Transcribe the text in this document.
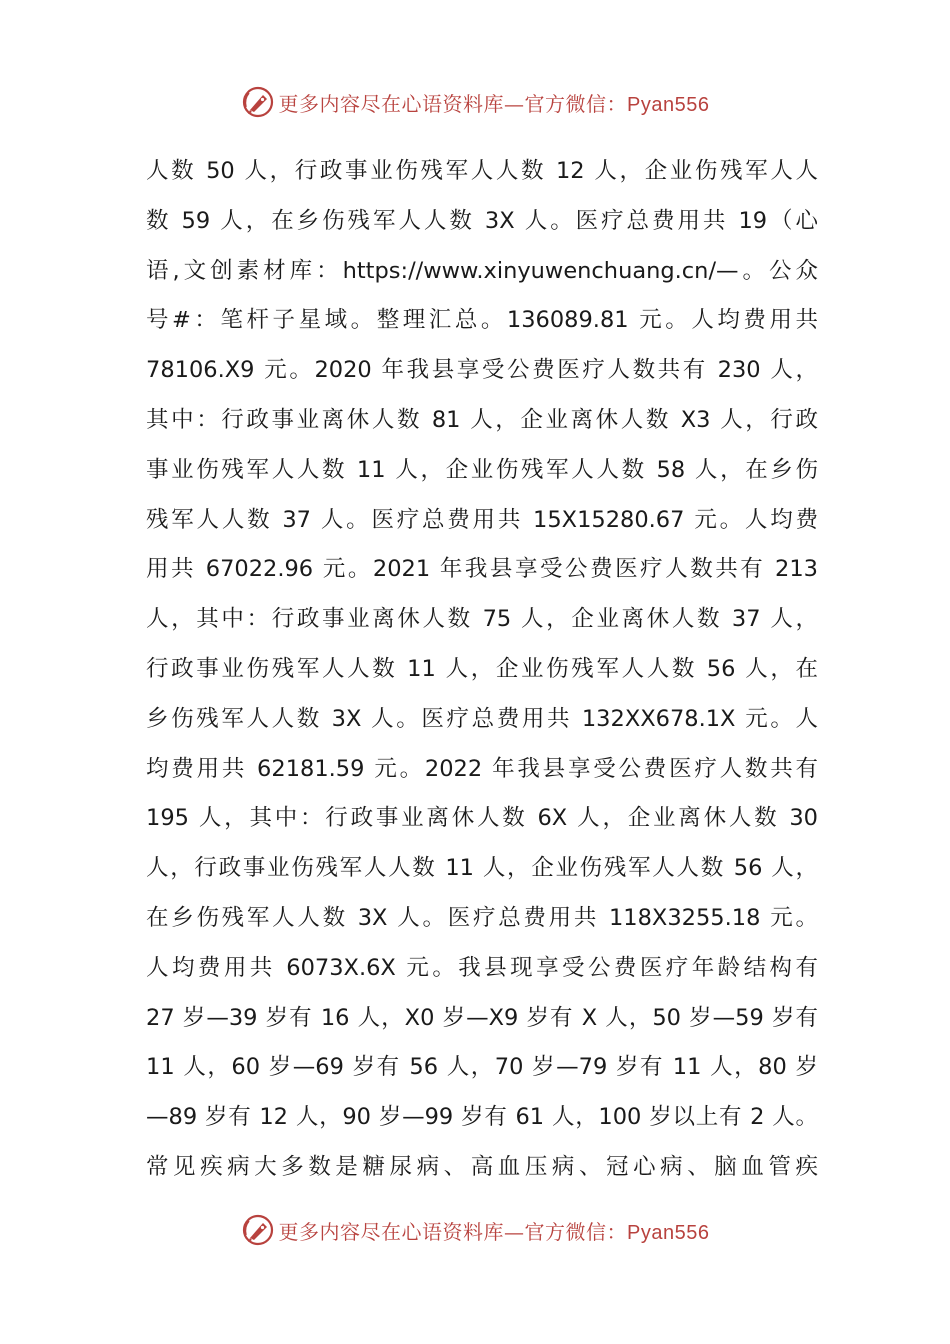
更多内容尽在心语资料库—官方微信：Pyan556
人数 50 人，行政事业伤残军人人数 12 人，企业伤残军人人
数 59 人，在乡伤残军人人数 3X 人。医疗总费用共 19（心
语,文创素材库：https://www.xinyuwenchuang.cn/—。公众
号#：笔杆子星域。整理汇总。136089.81 元。人均费用共
78106.X9 元。2020 年我县享受公费医疗人数共有 230 人，
其中：行政事业离休人数 81 人，企业离休人数 X3 人，行政
事业伤残军人人数 11 人，企业伤残军人人数 58 人，在乡伤
残军人人数 37 人。医疗总费用共 15X15280.67 元。人均费
用共 67022.96 元。2021 年我县享受公费医疗人数共有 213
人，其中：行政事业离休人数 75 人，企业离休人数 37 人，
行政事业伤残军人人数 11 人，企业伤残军人人数 56 人，在
乡伤残军人人数 3X 人。医疗总费用共 132XX678.1X 元。人
均费用共 62181.59 元。2022 年我县享受公费医疗人数共有
195 人，其中：行政事业离休人数 6X 人，企业离休人数 30
人，行政事业伤残军人人数 11 人，企业伤残军人人数 56 人，
在乡伤残军人人数 3X 人。医疗总费用共 118X3255.18 元。
人均费用共 6073X.6X 元。我县现享受公费医疗年龄结构有
27 岁—39 岁有 16 人，X0 岁—X9 岁有 X 人，50 岁—59 岁有
11 人，60 岁—69 岁有 56 人，70 岁—79 岁有 11 人，80 岁
—89 岁有 12 人，90 岁—99 岁有 61 人，100 岁以上有 2 人。
常见疾病大多数是糖尿病、高血压病、冠心病、脑血管疾
更多内容尽在心语资料库—官方微信：Pyan556
